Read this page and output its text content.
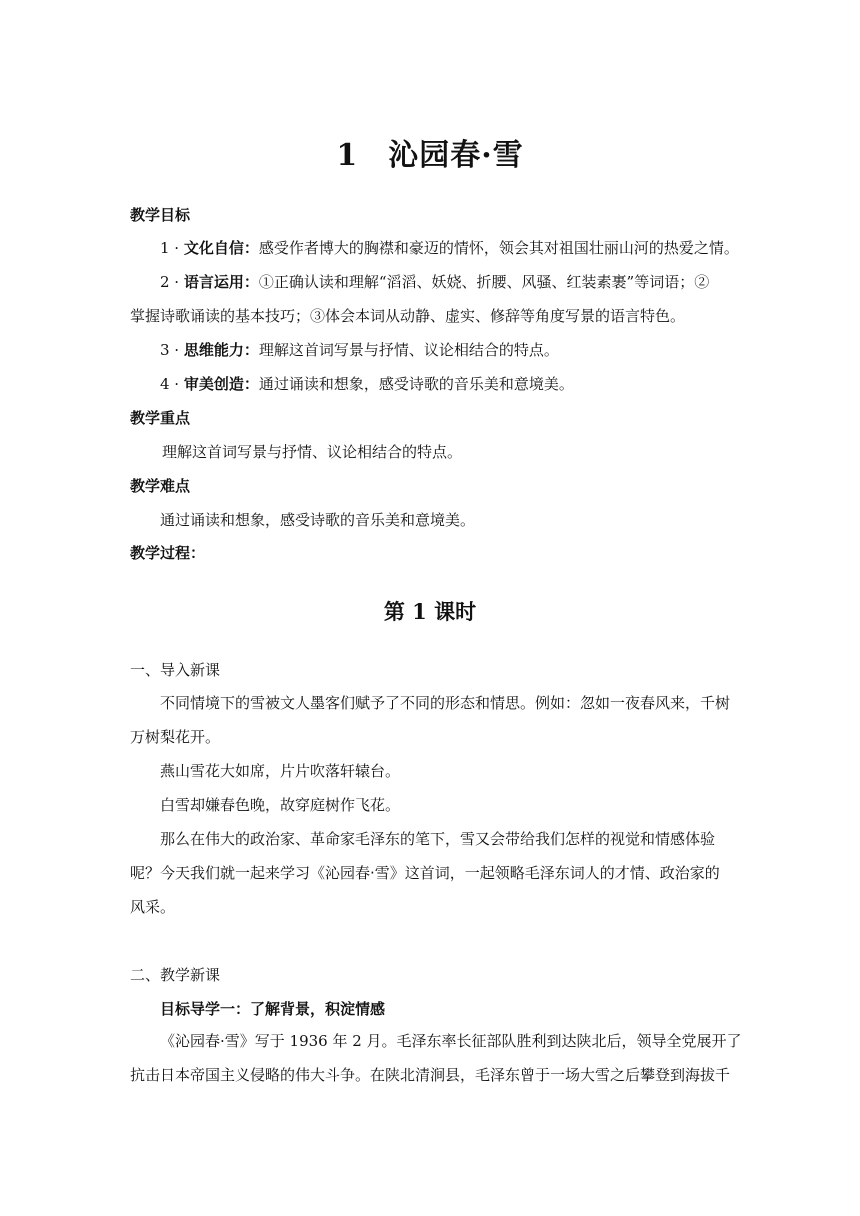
1 沁园春·雪
教学目标
1 · 文化自信：感受作者博大的胸襟和豪迈的情怀，领会其对祖国壮丽山河的热爱之情。
2 · 语言运用：①正确认读和理解“滔滔、妖娆、折腰、风骚、红装素裹”等词语；②
掌握诗歌诵读的基本技巧；③体会本词从动静、虚实、修辞等角度写景的语言特色。
3 · 思维能力：理解这首词写景与抒情、议论相结合的特点。
4 · 审美创造：通过诵读和想象，感受诗歌的音乐美和意境美。
教学重点
理解这首词写景与抒情、议论相结合的特点。
教学难点
通过诵读和想象，感受诗歌的音乐美和意境美。
教学过程：
第 1 课时
一、导入新课
不同情境下的雪被文人墨客们赋予了不同的形态和情思。例如：忽如一夜春风来，千树
万树梨花开。
燕山雪花大如席，片片吹落轩辕台。
白雪却嫌春色晚，故穿庭树作飞花。
那么在伟大的政治家、革命家毛泽东的笔下，雪又会带给我们怎样的视觉和情感体验
呢？今天我们就一起来学习《沁园春·雪》这首词，一起领略毛泽东词人的才情、政治家的
风采。
二、教学新课
目标导学一：了解背景，积淀情感
《沁园春·雪》写于 1936 年 2 月。毛泽东率长征部队胜利到达陕北后，领导全党展开了
抗击日本帝国主义侵略的伟大斗争。在陕北清涧县，毛泽东曾于一场大雪之后攀登到海拔千
